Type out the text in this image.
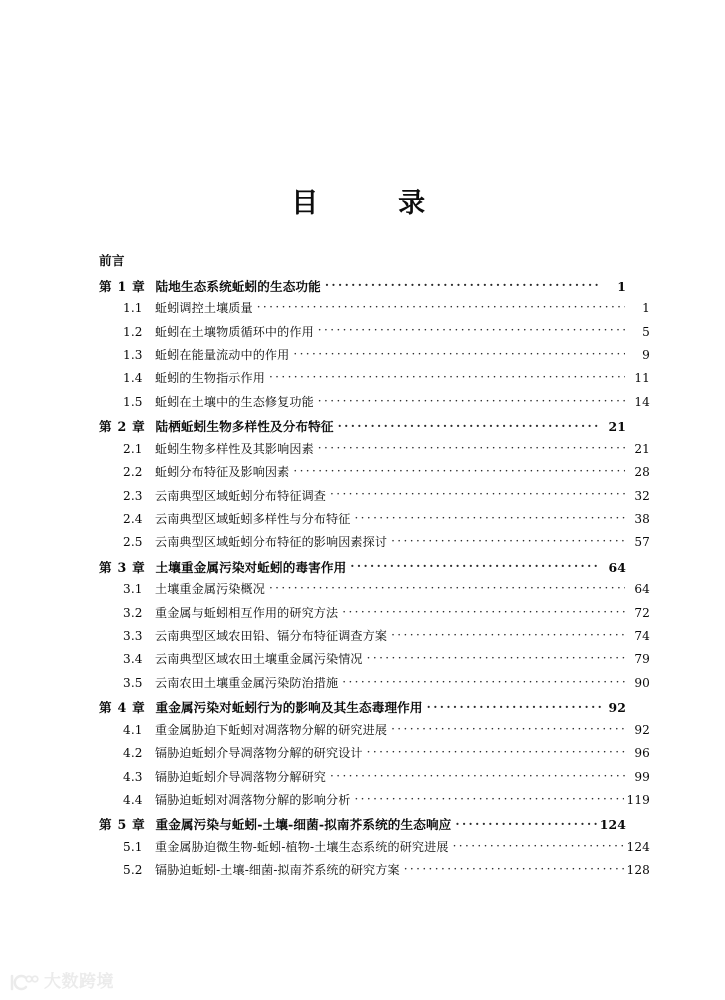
目　　录
前言
第 1 章 陆地生态系统蚯蚓的生态功能 ·····	1
1.1	蚯蚓调控土壤质量 ·····	1
1.2	蚯蚓在土壤物质循环中的作用 ·····	5
1.3	蚯蚓在能量流动中的作用 ·····	9
1.4	蚯蚓的生物指示作用 ·····	11
1.5	蚯蚓在土壤中的生态修复功能 ·····	14
第 2 章 陆栖蚯蚓生物多样性及分布特征 ·····	21
2.1	蚯蚓生物多样性及其影响因素 ·····	21
2.2	蚯蚓分布特征及影响因素 ·····	28
2.3	云南典型区域蚯蚓分布特征调查 ·····	32
2.4	云南典型区域蚯蚓多样性与分布特征 ·····	38
2.5	云南典型区域蚯蚓分布特征的影响因素探讨 ·····	57
第 3 章 土壤重金属污染对蚯蚓的毒害作用 ·····	64
3.1	土壤重金属污染概况 ·····	64
3.2	重金属与蚯蚓相互作用的研究方法 ·····	72
3.3	云南典型区域农田铅、镉分布特征调查方案 ·····	74
3.4	云南典型区域农田土壤重金属污染情况 ·····	79
3.5	云南农田土壤重金属污染防治措施 ·····	90
第 4 章 重金属污染对蚯蚓行为的影响及其生态毒理作用 ·····	92
4.1	重金属胁迫下蚯蚓对凋落物分解的研究进展 ·····	92
4.2	镉胁迫蚯蚓介导凋落物分解的研究设计 ·····	96
4.3	镉胁迫蚯蚓介导凋落物分解研究 ·····	99
4.4	镉胁迫蚯蚓对凋落物分解的影响分析 ·····	119
第 5 章 重金属污染与蚯蚓-土壤-细菌-拟南芥系统的生态响应 ·····	124
5.1	重金属胁迫微生物-蚯蚓-植物-土壤生态系统的研究进展 ·····	124
5.2	镉胁迫蚯蚓-土壤-细菌-拟南芥系统的研究方案 ·····	128
大数跨境
